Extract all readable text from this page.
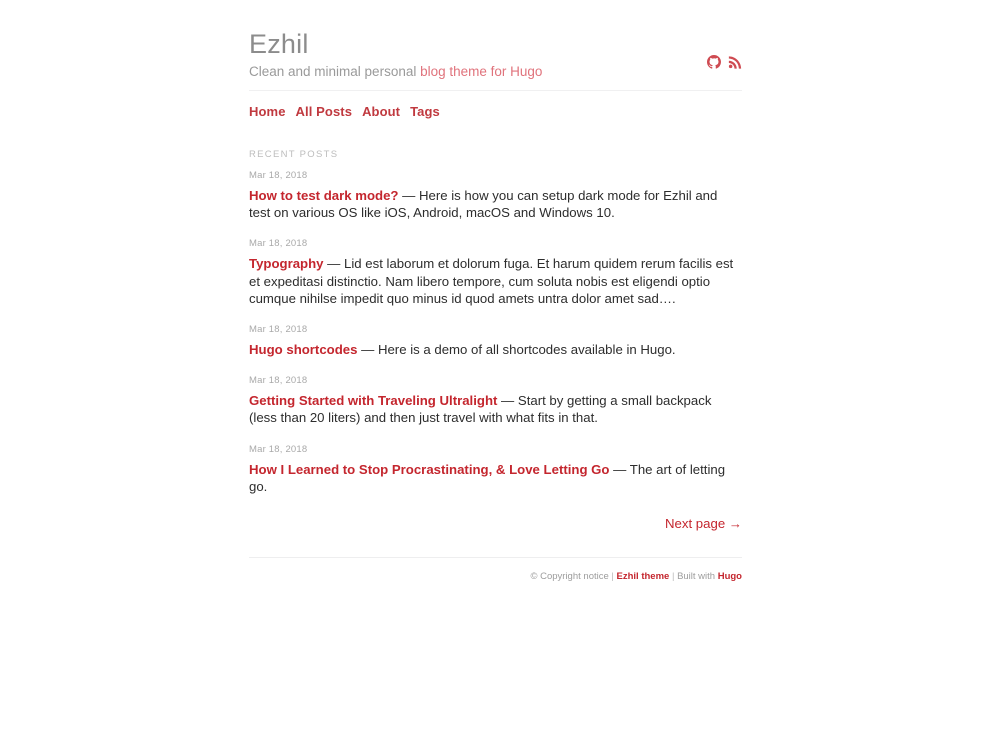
Ezhil

Clean and minimal personal blog theme for Hugo

Home All Posts About Tags
RECENT POSTS
Mar 18, 2018
How to test dark mode? — Here is how you can setup dark mode for Ezhil and test on various OS like iOS, Android, macOS and Windows 10.
Mar 18, 2018
Typography — Lid est laborum et dolorum fuga. Et harum quidem rerum facilis est et expeditasi distinctio. Nam libero tempore, cum soluta nobis est eligendi optio cumque nihilse impedit quo minus id quod amets untra dolor amet sad….
Mar 18, 2018
Hugo shortcodes — Here is a demo of all shortcodes available in Hugo.
Mar 18, 2018
Getting Started with Traveling Ultralight — Start by getting a small backpack (less than 20 liters) and then just travel with what fits in that.
Mar 18, 2018
How I Learned to Stop Procrastinating, & Love Letting Go — The art of letting go.
Next page →
© Copyright notice | Ezhil theme | Built with Hugo
